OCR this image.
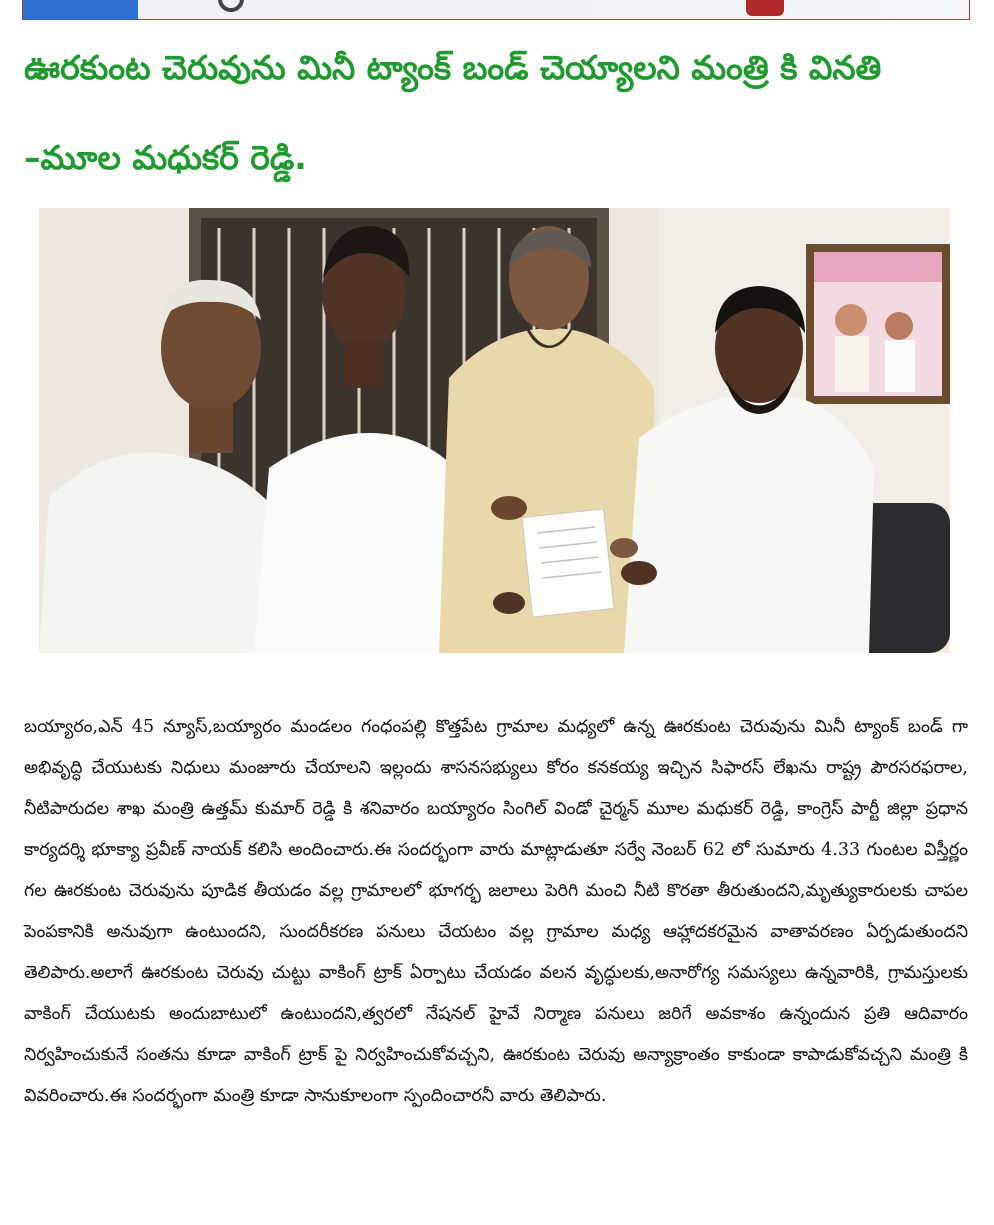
ఊరకుంట చెరువును మినీ ట్యాంక్ బండ్ చెయ్యాలని మంత్రి కి వినతి
–మూల మధుకర్ రెడ్డి.

బయ్యారం,ఎన్ 45 న్యూస్,బయ్యారం మండలం గంధంపల్లి కొత్తపేట గ్రామాల మధ్యలో ఉన్న ఊరకుంట చెరువును మినీ ట్యాంక్ బండ్ గా అభివృద్ధి చేయుటకు నిధులు మంజూరు చేయాలని ఇల్లందు శాసనసభ్యులు కోరం కనకయ్య ఇచ్చిన సిఫారస్ లేఖను రాష్ట్ర పౌరసరఫరాల, నీటిపారుదల శాఖ మంత్రి ఉత్తమ్ కుమార్ రెడ్డి కి శనివారం బయ్యారం సింగిల్ విండో చైర్మన్ మూల మధుకర్ రెడ్డి, కాంగ్రెస్ పార్టీ జిల్లా ప్రధాన కార్యదర్శి భూక్యా ప్రవీణ్ నాయక్ కలిసి అందించారు.ఈ సందర్భంగా వారు మాట్లాడుతూ సర్వే నెంబర్ 62 లో సుమారు 4.33 గుంటల విస్తీర్ణం గల ఊరకుంట చెరువును పూడిక తీయడం వల్ల గ్రామాలలో భూగర్భ జలాలు పెరిగి మంచి నీటి కొరతా తీరుతుందని,మృత్యుకారులకు చాపల పెంపకానికి అనువుగా ఉంటుందని, సుందరీకరణ పనులు చేయటం వల్ల గ్రామాల మధ్య ఆహ్లాదకరమైన వాతావరణం ఏర్పడుతుందని తెలిపారు.అలాగే ఊరకుంట చెరువు చుట్టు వాకింగ్ ట్రాక్ ఏర్పాటు చేయడం వలన వృద్ధులకు,అనారోగ్య సమస్యలు ఉన్నవారికి, గ్రామస్తులకు వాకింగ్ చేయుటకు అందుబాటులో ఉంటుందని,త్వరలో నేషనల్ హైవే నిర్మాణ పనులు జరిగే అవకాశం ఉన్నందున ప్రతి ఆదివారం నిర్వహించుకునే సంతను కూడా వాకింగ్ ట్రాక్ పై నిర్వహించుకోవచ్చని, ఊరకుంట చెరువు అన్యాక్రాంతం కాకుండా కాపాడుకోవచ్చని మంత్రి కి వివరించారు.ఈ సందర్భంగా మంత్రి కూడా సానుకూలంగా స్పందించారనీ వారు తెలిపారు.
